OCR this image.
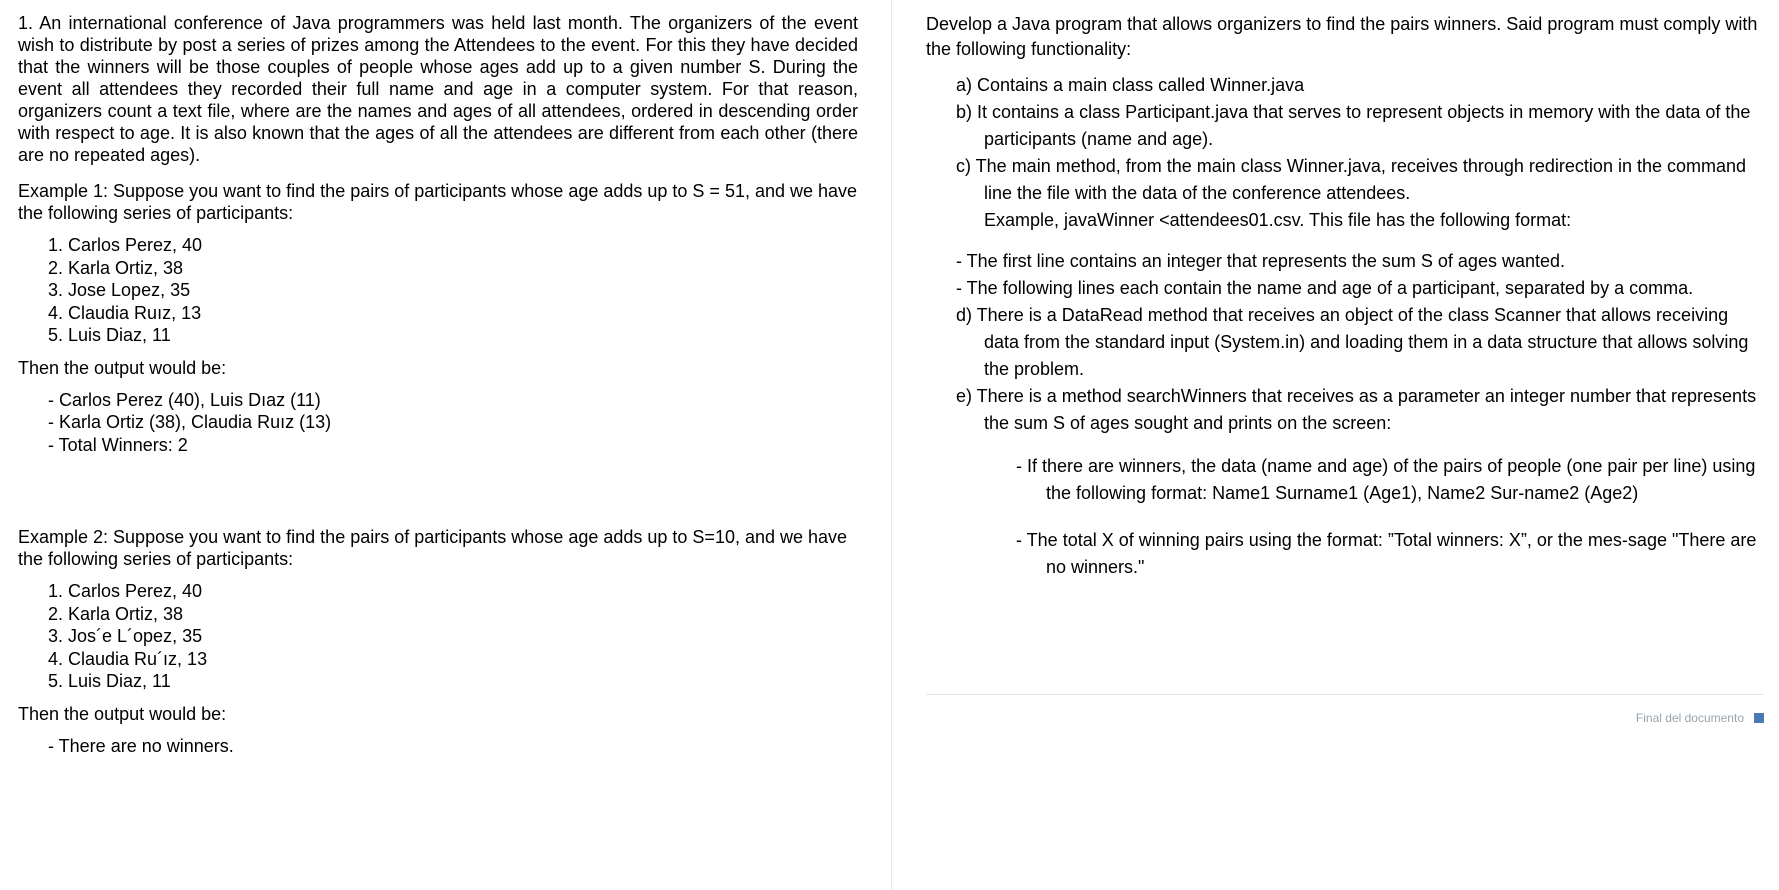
1. An international conference of Java programmers was held last month. The organizers of the event wish to distribute by post a series of prizes among the Attendees to the event. For this they have decided that the winners will be those couples of people whose ages add up to a given number S. During the event all attendees they recorded their full name and age in a computer system. For that reason, organizers count a text file, where are the names and ages of all attendees, ordered in descending order with respect to age. It is also known that the ages of all the attendees are different from each other (there are no repeated ages).

Example 1: Suppose you want to find the pairs of participants whose age adds up to S = 51, and we have the following series of participants:

1. Carlos Perez, 40
2. Karla Ortiz, 38
3. Jose Lopez, 35
4. Claudia Ruız, 13
5. Luis Diaz, 11

Then the output would be:

- Carlos Perez (40), Luis Dıaz (11)
- Karla Ortiz (38), Claudia Ruız (13)
- Total Winners: 2

Example 2: Suppose you want to find the pairs of participants whose age adds up to S=10, and we have the following series of participants:

1. Carlos Perez, 40
2. Karla Ortiz, 38
3. Jos´e L´opez, 35
4. Claudia Ru´ız, 13
5. Luis Diaz, 11

Then the output would be:

- There are no winners.

Develop a Java program that allows organizers to find the pairs winners. Said program must comply with the following functionality:

a) Contains a main class called Winner.java
b) It contains a class Participant.java that serves to represent objects in memory with the data of the participants (name and age).
c) The main method, from the main class Winner.java, receives through redirection in the command line the file with the data of the conference attendees.
Example, javaWinner <attendees01.csv. This file has the following format:
- The first line contains an integer that represents the sum S of ages wanted.
- The following lines each contain the name and age of a participant, separated by a comma.
d) There is a DataRead method that receives an object of the class Scanner that allows receiving data from the standard input (System.in) and loading them in a data structure that allows solving the problem.
e) There is a method searchWinners that receives as a parameter an integer number that represents the sum S of ages sought and prints on the screen:
- If there are winners, the data (name and age) of the pairs of people (one pair per line) using the following format: Name1 Surname1 (Age1), Name2 Sur-name2 (Age2)
- The total X of winning pairs using the format: ”Total winners: X”, or the mes-sage "There are no winners."
Final del documento
